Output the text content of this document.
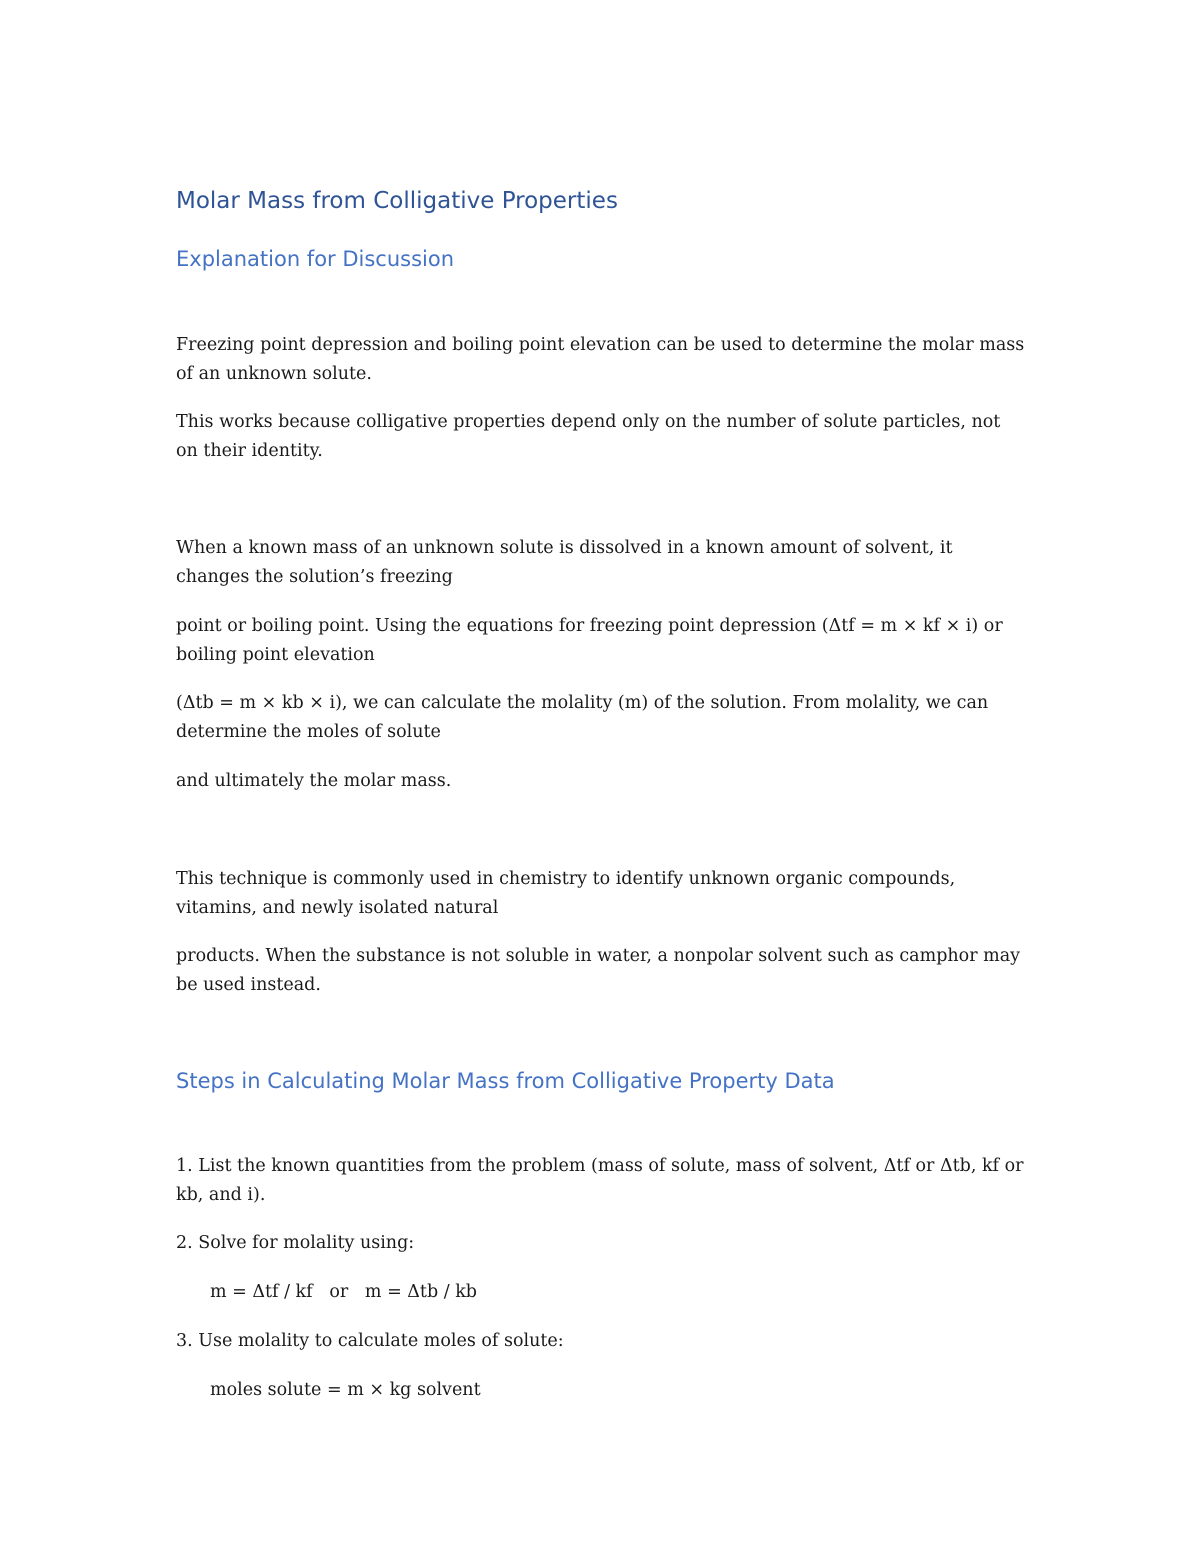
Molar Mass from Colligative Properties
Explanation for Discussion

Freezing point depression and boiling point elevation can be used to determine the molar mass of an unknown solute.

This works because colligative properties depend only on the number of solute particles, not on their identity.

When a known mass of an unknown solute is dissolved in a known amount of solvent, it changes the solution’s freezing

point or boiling point. Using the equations for freezing point depression (Δtf = m × kf × i) or boiling point elevation

(Δtb = m × kb × i), we can calculate the molality (m) of the solution. From molality, we can determine the moles of solute

and ultimately the molar mass.

This technique is commonly used in chemistry to identify unknown organic compounds, vitamins, and newly isolated natural

products. When the substance is not soluble in water, a nonpolar solvent such as camphor may be used instead.

Steps in Calculating Molar Mass from Colligative Property Data

1. List the known quantities from the problem (mass of solute, mass of solvent, Δtf or Δtb, kf or kb, and i).

2. Solve for molality using:

m = Δtf / kf   or   m = Δtb / kb

3. Use molality to calculate moles of solute:

moles solute = m × kg solvent
